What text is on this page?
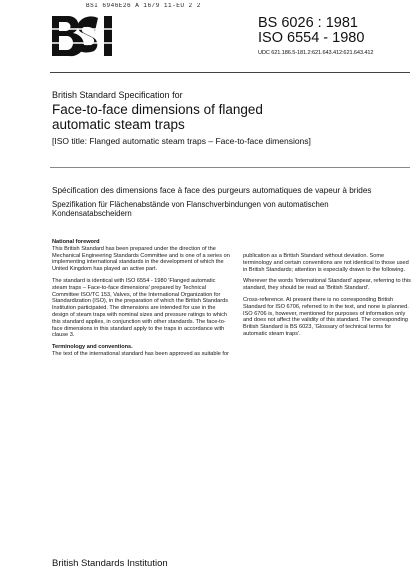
BSI 6946E26 A 16/9 11-EU 2 2
BS 6026 : 1981
ISO 6554 - 1980
UDC 621.186.5-181.2:621.643.412:621.643.412
British Standard Specification for
Face-to-face dimensions of flanged
automatic steam traps
[ISO title: Flanged automatic steam traps – Face-to-face dimensions]
Spécification des dimensions face à face des purgeurs automatiques de vapeur à brides
Spezifikation für Flächenabstände von Flanschverbindungen von automatischen
Kondensatabscheidern
National foreword

This British Standard has been prepared under the direction of the Mechanical Engineering Standards Committee and is one of a series on implementing international standards in the development of which the United Kingdom has played an active part.

The standard is identical with ISO 6554 - 1980 'Flanged automatic steam traps – Face-to-face dimensions' prepared by Technical Committee ISO/TC 153, Valves, of the International Organization for Standardization (ISO), in the preparation of which the British Standards Institution participated. The dimensions are intended for use in the design of steam traps with nominal sizes and pressure ratings to which this standard applies, in conjunction with other standards. The face-to-face dimensions in this standard apply to the traps in accordance with clause 3.

Terminology and conventions.

The text of the international standard has been approved as suitable for

publication as a British Standard without deviation. Some terminology and certain conventions are not identical to those used in British Standards; attention is especially drawn to the following.

Wherever the words 'International Standard' appear, referring to this standard, they should be read as 'British Standard'.

Cross-reference. At present there is no corresponding British Standard for ISO 6706, referred to in the text, and none is planned. ISO 6706 is, however, mentioned for purposes of information only and does not affect the validity of this standard. The corresponding British Standard is BS 6023, 'Glossary of technical terms for automatic steam traps'.

British Standards Institution
